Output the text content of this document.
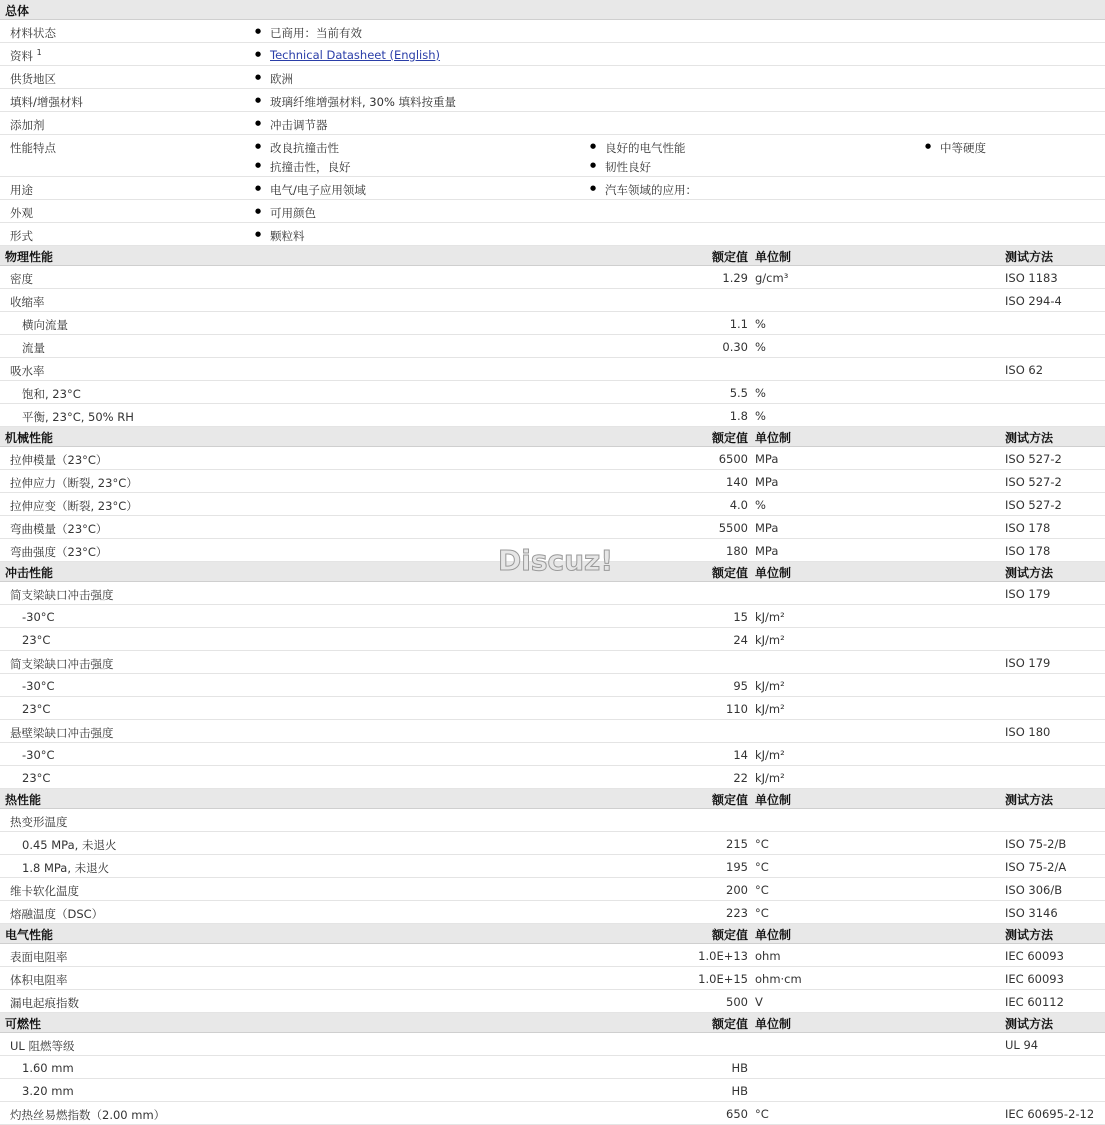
总体
材料状态	● 已商用：当前有效
资料 $^1$	● Technical Datasheet (English)
供货地区	● 欧洲
填料/增强材料	● 玻璃纤维增强材料, 30% 填料按重量
添加剂	● 冲击调节器
性能特点	● 改良抗撞击性	● 良好的电气性能	● 中等硬度
● 抗撞击性，良好	● 韧性良好
用途	● 电气/电子应用领域	● 汽车领域的应用：
外观	● 可用颜色
形式	● 颗粒料
物理性能	额定值 单位制	测试方法
密度	1.29 g/cm³	ISO 1183
收缩率	ISO 294-4
横向流量	1.1 %
流量	0.30 %
吸水率	ISO 62
饱和, 23°C	5.5 %
平衡, 23°C, 50% RH	1.8 %
机械性能	额定值 单位制	测试方法
拉伸模量（23°C）	6500 MPa	ISO 527-2
拉伸应力（断裂, 23°C）	140 MPa	ISO 527-2
拉伸应变（断裂, 23°C）	4.0 %	ISO 527-2
弯曲模量（23°C）	5500 MPa	ISO 178
弯曲强度（23°C）	180 MPa	ISO 178
冲击性能	额定值 单位制	测试方法
简支梁缺口冲击强度	ISO 179
-30°C	15 kJ/m²
23°C	24 kJ/m²
简支梁缺口冲击强度	ISO 179
-30°C	95 kJ/m²
23°C	110 kJ/m²
悬壁梁缺口冲击强度	ISO 180
-30°C	14 kJ/m²
23°C	22 kJ/m²
热性能	额定值 单位制	测试方法
热变形温度
0.45 MPa, 未退火	215 °C	ISO 75-2/B
1.8 MPa, 未退火	195 °C	ISO 75-2/A
维卡软化温度	200 °C	ISO 306/B
熔融温度（DSC）	223 °C	ISO 3146
电气性能	额定值 单位制	测试方法
表面电阻率	1.0E+13 ohm	IEC 60093
体积电阻率	1.0E+15 ohm·cm	IEC 60093
漏电起痕指数	500 V	IEC 60112
可燃性	额定值 单位制	测试方法
UL 阻燃等级	UL 94
1.60 mm	HB
3.20 mm	HB
灼热丝易燃指数（2.00 mm）	650 °C	IEC 60695-2-12
Discuz!
